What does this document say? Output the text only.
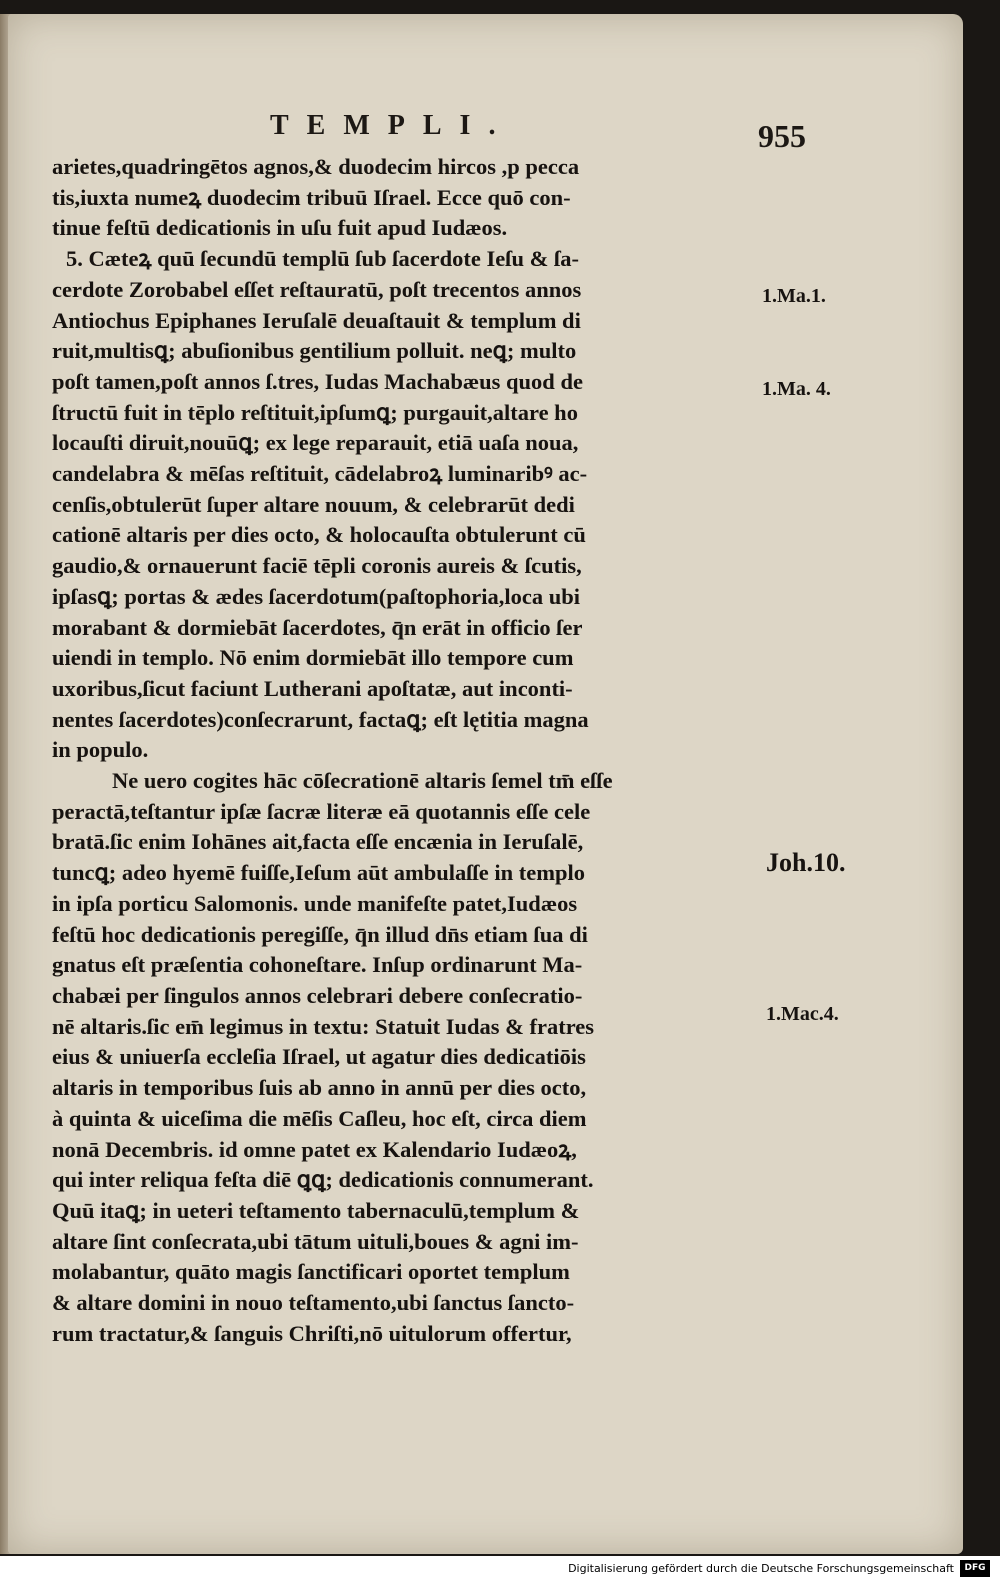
TEMPLI.	955
arietes,quadringētos agnos,& duodecim hircos ,p pecca
tis,iuxta numeꝝ duodecim tribuū Iſrael. Ecce quō con-
tinue feſtū dedicationis in uſu fuit apud Iudæos.
5. Cæteꝝ quū ſecundū templū ſub ſacerdote Ieſu & ſa-
cerdote Zorobabel eſſet reſtauratū, poſt trecentos annos
Antiochus Epiphanes Ieruſalē deuaſtauit & templum di
ruit,multisꝗ; abuſionibus gentilium polluit. neꝗ; multo
poſt tamen,poſt annos ſ.tres, Iudas Machabæus quod de
ſtructū fuit in tēplo reſtituit,ipſumꝗ; purgauit,altare ho
locauſti diruit,nouūꝗ; ex lege reparauit, etiā uaſa noua,
candelabra & mēſas reſtituit, cādelabroꝝ luminaribꝰ ac-
cenſis,obtulerūt ſuper altare nouum, & celebrarūt dedi
cationē altaris per dies octo, & holocauſta obtulerunt cū
gaudio,& ornauerunt faciē tēpli coronis aureis & ſcutis,
ipſasꝗ; portas & ædes ſacerdotum(paſtophoria,loca ubi
morabant & dormiebāt ſacerdotes, q̄n erāt in officio ſer
uiendi in templo. Nō enim dormiebāt illo tempore cum
uxoribus,ſicut faciunt Lutherani apoſtatæ, aut inconti-
nentes ſacerdotes)conſecrarunt, factaꝗ; eſt lętitia magna
in populo.
Ne uero cogites hāc cōſecrationē altaris ſemel tm̄ eſſe
peractā,teſtantur ipſæ ſacræ literæ eā quotannis eſſe cele
bratā.ſic enim Iohānes ait,facta eſſe encænia in Ieruſalē,
tuncꝗ; adeo hyemē fuiſſe,Ieſum aūt ambulaſſe in templo
in ipſa porticu Salomonis. unde manifeſte patet,Iudæos
feſtū hoc dedicationis peregiſſe, q̄n illud dn̄s etiam ſua di
gnatus eſt præſentia cohoneſtare. Inſup ordinarunt Ma-
chabæi per ſingulos annos celebrari debere conſecratio-
nē altaris.ſic em̄ legimus in textu: Statuit Iudas & fratres
eius & uniuerſa eccleſia Iſrael, ut agatur dies dedicatiōis
altaris in temporibus ſuis ab anno in annū per dies octo,
à quinta & uiceſima die mēſis Caſleu, hoc eſt, circa diem
nonā Decembris. id omne patet ex Kalendario Iudæoꝝ,
qui inter reliqua feſta diē ꝗꝗ; dedicationis connumerant.
Quū itaꝗ; in ueteri teſtamento tabernaculū,templum &
altare ſint conſecrata,ubi tātum uituli,boues & agni im-
molabantur, quāto magis ſanctificari oportet templum
& altare domini in nouo teſtamento,ubi ſanctus ſancto-
rum tractatur,& ſanguis Chriſti,nō uitulorum offertur,
1.Ma.1.
1.Ma. 4.
Joh.10.
1.Mac.4.
Digitalisierung gefördert durch die Deutsche Forschungsgemeinschaft	DFG
